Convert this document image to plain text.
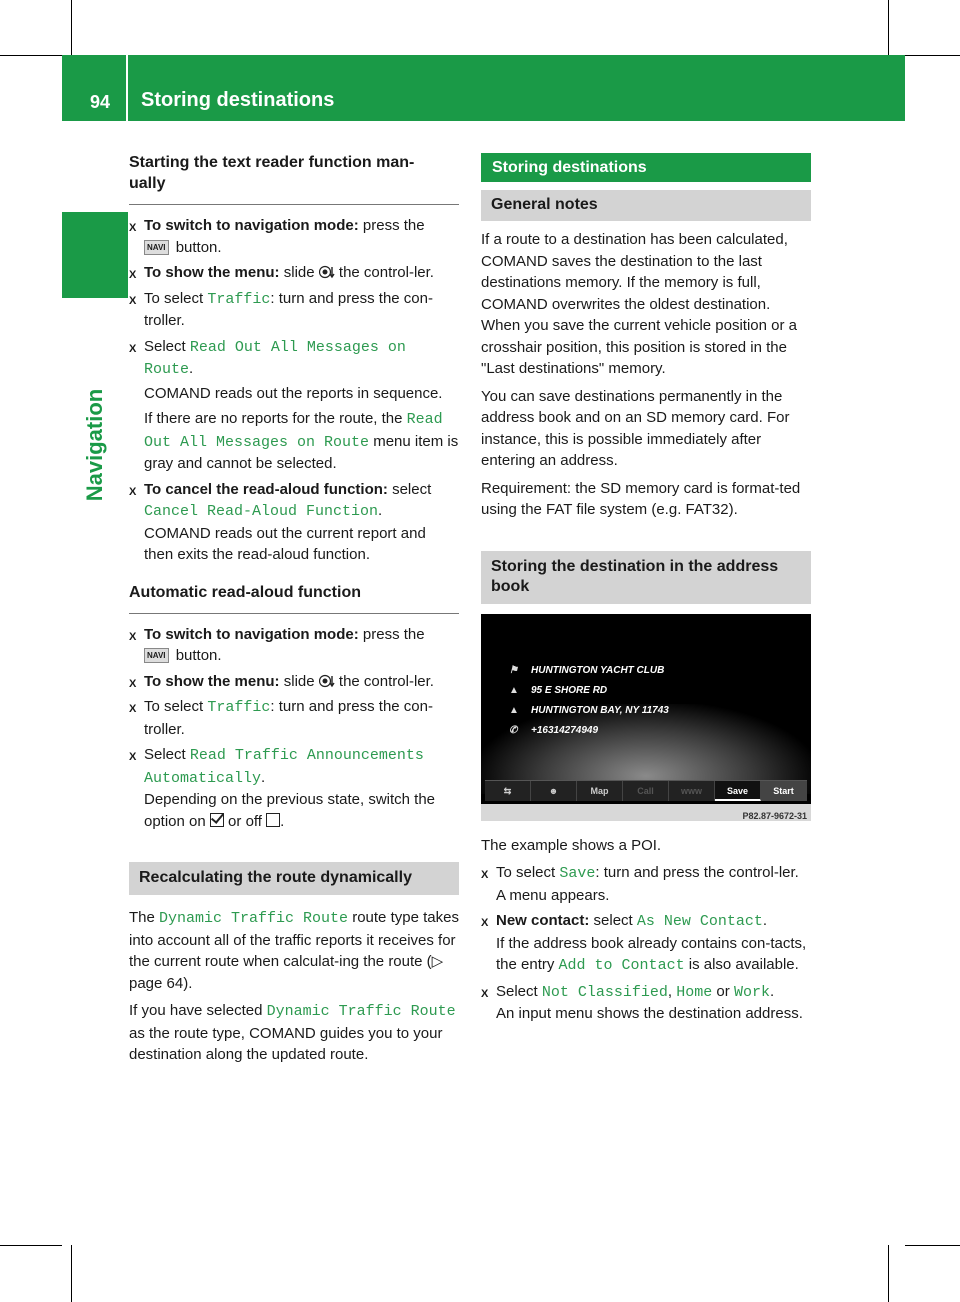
94 Storing destinations
Navigation
Starting the text reader function man-ually
X To switch to navigation mode: press the
NAVI button.
X To show the menu: slide  the control-ler.
X To select Traffic: turn and press the con-troller.
X Select Read Out All Messages on Route.
COMAND reads out the reports in sequence.
If there are no reports for the route, the Read Out All Messages on Route menu item is gray and cannot be selected.
X To cancel the read-aloud function: select Cancel Read-Aloud Function.
COMAND reads out the current report and then exits the read-aloud function.
Automatic read-aloud function
X To switch to navigation mode: press the
NAVI button.
X To show the menu: slide  the control-ler.
X To select Traffic: turn and press the con-troller.
X Select Read Traffic Announcements Automatically.
Depending on the previous state, switch the option on  or off .
Recalculating the route dynamically
The Dynamic Traffic Route route type takes into account all of the traffic reports it receives for the current route when calculat-ing the route (▷ page 64).
If you have selected Dynamic Traffic Route as the route type, COMAND guides you to your destination along the updated route.
Storing destinations
General notes
If a route to a destination has been calculated, COMAND saves the destination to the last destinations memory. If the memory is full, COMAND overwrites the oldest destination. When you save the current vehicle position or a crosshair position, this position is stored in the "Last destinations" memory.
You can save destinations permanently in the address book and on an SD memory card. For instance, this is possible immediately after entering an address.
Requirement: the SD memory card is format-ted using the FAT file system (e.g. FAT32).
Storing the destination in the address book
⚑ HUNTINGTON YACHT CLUB
▲ 95 E SHORE RD
▲ HUNTINGTON BAY, NY 11743
✆ +16314274949
⇆	☻	Map	Call	www	Save	Start
P82.87-9672-31
The example shows a POI.
X To select Save: turn and press the control-ler.
A menu appears.
X New contact: select As New Contact.
If the address book already contains con-tacts, the entry Add to Contact is also available.
X Select Not Classified, Home or Work.
An input menu shows the destination address.
